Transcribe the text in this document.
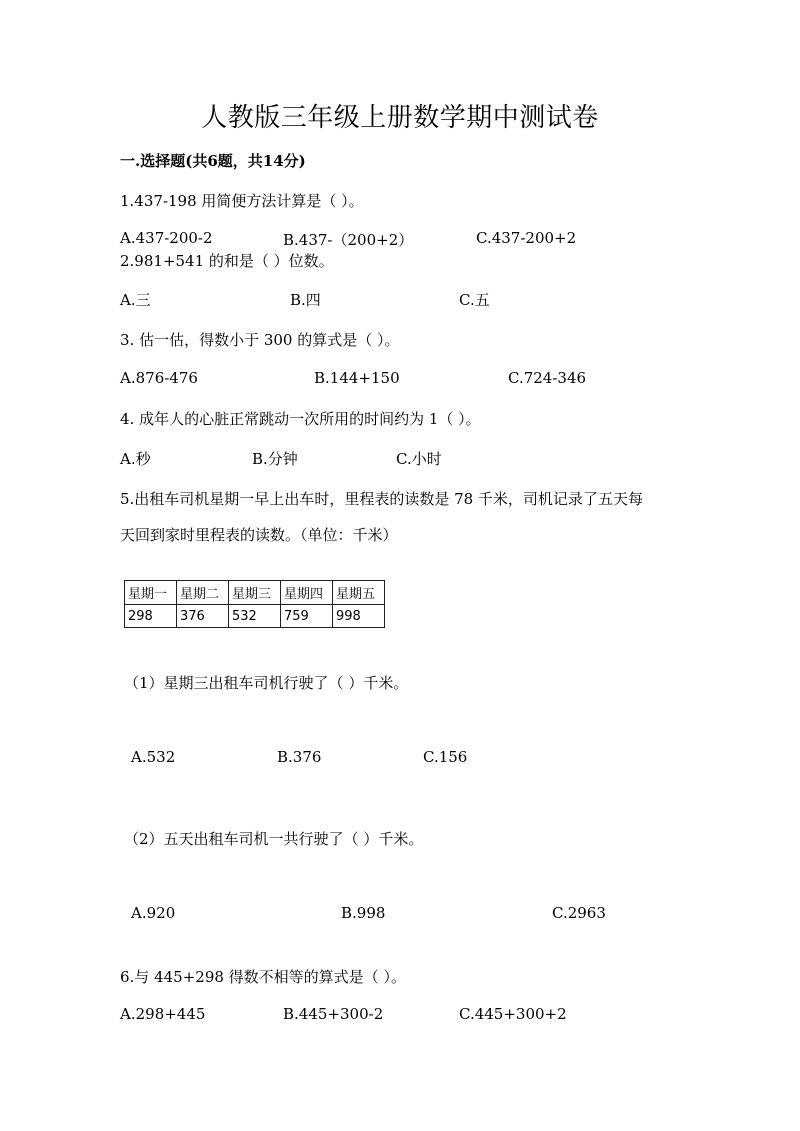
人教版三年级上册数学期中测试卷
一.选择题(共6题，共14分)
1.437-198 用简便方法计算是（ ）。
A.437-200-2	B.437-（200+2）	C.437-200+2
2.981+541 的和是（ ）位数。
A.三	B.四	C.五
3. 估一估，得数小于 300 的算式是（ ）。
A.876-476	B.144+150	C.724-346
4. 成年人的心脏正常跳动一次所用的时间约为 1（ ）。
A.秒	B.分钟	C.小时
5.出租车司机星期一早上出车时，里程表的读数是 78 千米，司机记录了五天每
天回到家时里程表的读数。（单位：千米）
星期一	星期二	星期三	星期四	星期五
298	376	532	759	998
（1）星期三出租车司机行驶了（ ）千米。
A.532	B.376	C.156
（2）五天出租车司机一共行驶了（ ）千米。
A.920	B.998	C.2963
6.与 445+298 得数不相等的算式是（ ）。
A.298+445	B.445+300-2	C.445+300+2
